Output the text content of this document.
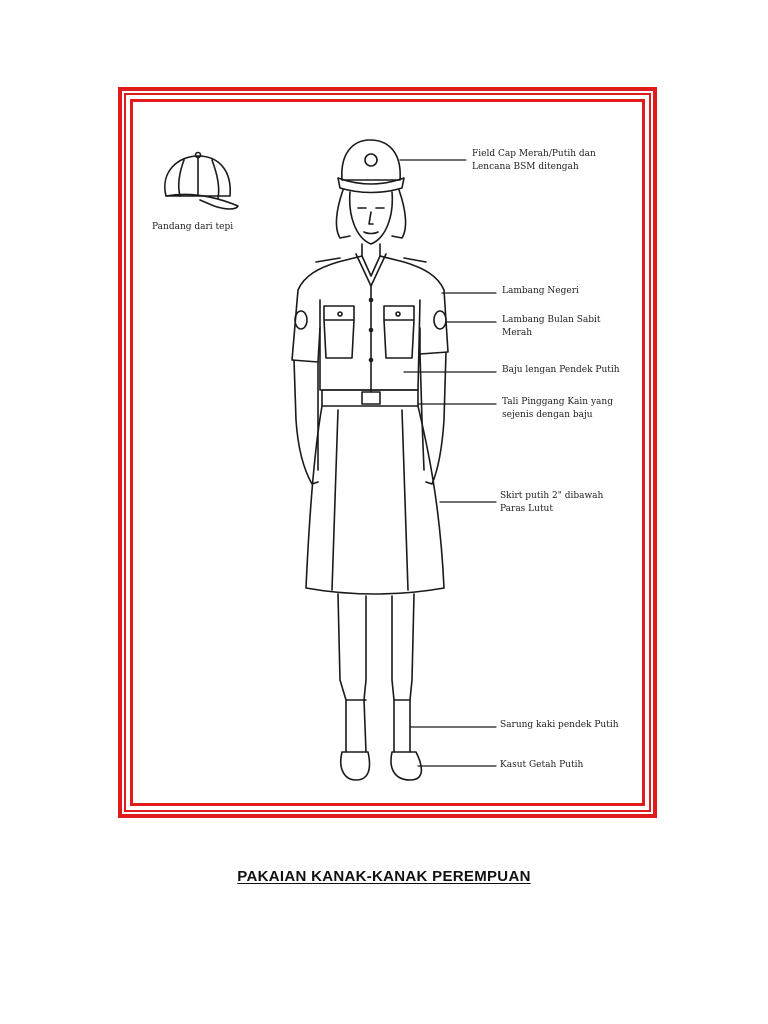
Pandang dari tepi
Field Cap Merah/Putih dan
Lencana BSM ditengah
Lambang Negeri
Lambang Bulan Sabit
Merah
Baju lengan Pendek Putih
Tali Pinggang Kain yang
sejenis dengan baju
Skirt putih 2" dibawah
Paras Lutut
Sarung kaki pendek Putih
Kasut Getah Putih
PAKAIAN KANAK-KANAK PEREMPUAN
